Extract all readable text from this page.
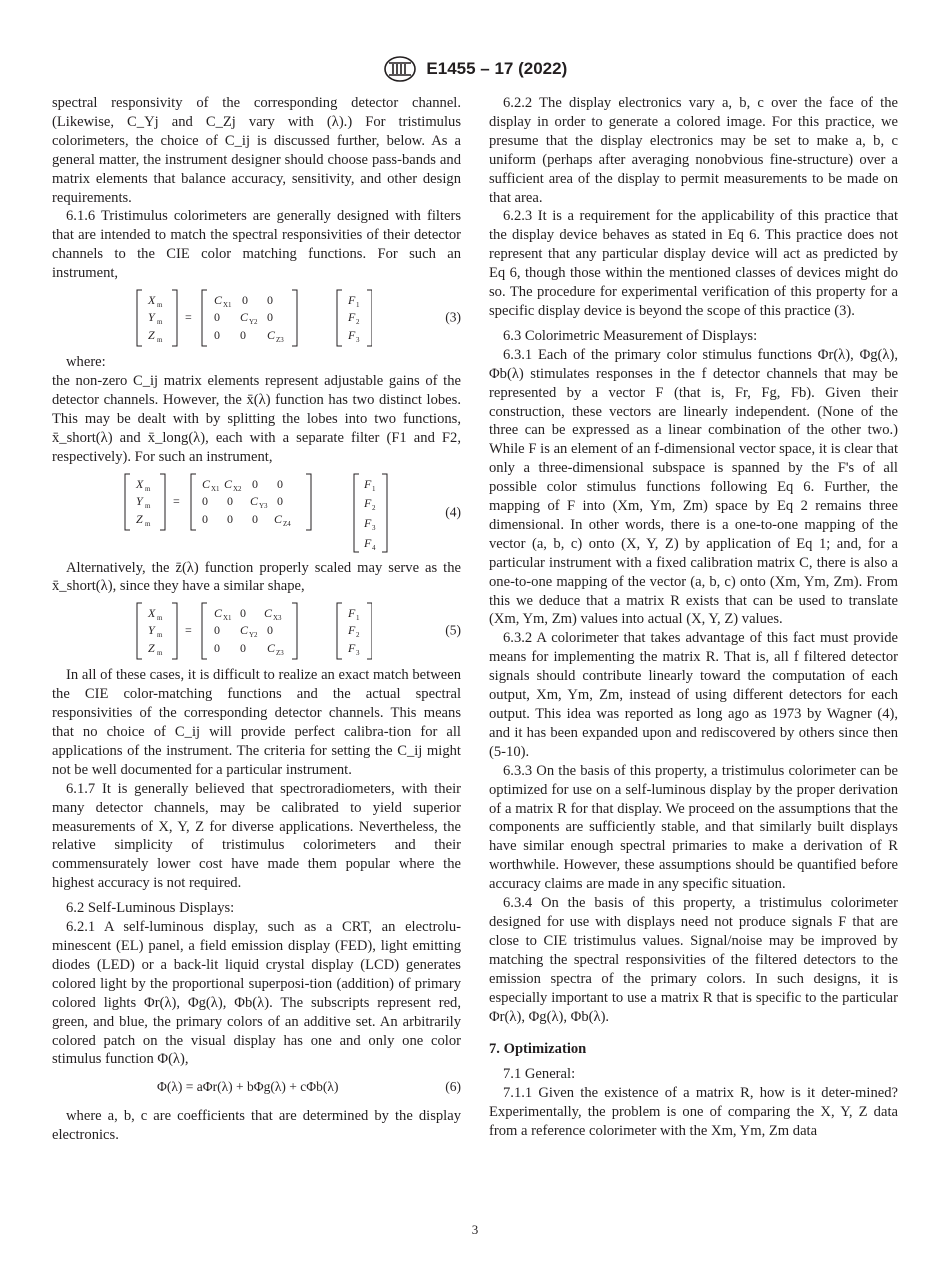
E1455 – 17 (2022)

spectral responsivity of the corresponding detector channel. (Likewise, C_Yj and C_Zj vary with (λ).) For tristimulus colorimeters, the choice of C_ij is discussed further, below. As a general matter, the instrument designer should choose pass-bands and matrix elements that balance accuracy, sensitivity, and other design requirements.

6.1.6 Tristimulus colorimeters are generally designed with filters that are intended to match the spectral responsivities of their detector channels to the CIE color matching functions. For such an instrument,

X m
Y m
Z m
=
C X1 0 0
0 C Y2 0
0 0 C Z3
F 1
F 2
F 3
(3)

where:

the non-zero C_ij matrix elements represent adjustable gains of the detector channels. However, the x̄(λ) function has two distinct lobes. This may be dealt with by splitting the lobes into two functions, x̄_short(λ) and x̄_long(λ), each with a separate filter (F1 and F2, respectively). For such an instrument,

X m
Y m
Z m
=
C X1 C X2 0 0
0 0 C Y3 0
0 0 0 C Z4
F 1
F 2
F 3
F 4
(4)

Alternatively, the z̄(λ) function properly scaled may serve as the x̄_short(λ), since they have a similar shape,

X m
Y m
Z m
=
C X1 0 C X3
0 C Y2 0
0 0 C Z3
F 1
F 2
F 3
(5)

In all of these cases, it is difficult to realize an exact match between the CIE color-matching functions and the actual spectral responsivities of the corresponding detector channels. This means that no choice of C_ij will provide perfect calibra-tion for all applications of the instrument. The criteria for setting the C_ij might not be well documented for a particular instrument.

6.1.7 It is generally believed that spectroradiometers, with their many detector channels, may be calibrated to yield superior measurements of X, Y, Z for diverse applications. Nevertheless, the relative simplicity of tristimulus colorimeters and their commensurately lower cost have made them popular where the highest accuracy is not required.

6.2 Self-Luminous Displays:

6.2.1 A self-luminous display, such as a CRT, an electrolu-minescent (EL) panel, a field emission display (FED), light emitting diodes (LED) or a back-lit liquid crystal display (LCD) generates colored light by the proportional superposi-tion (addition) of primary colored lights Φr(λ), Φg(λ), Φb(λ). The subscripts represent red, green, and blue, the primary colors of an additive set. An arbitrarily colored patch on the visual display has one and only one color stimulus function Φ(λ),

Φ(λ) = aΦr(λ) + bΦg(λ) + cΦb(λ)	(6)

where a, b, c are coefficients that are determined by the display electronics.

6.2.2 The display electronics vary a, b, c over the face of the display in order to generate a colored image. For this practice, we presume that the display electronics may be set to make a, b, c uniform (perhaps after averaging nonobvious fine-structure) over a sufficient area of the display to permit measurements to be made on that area.

6.2.3 It is a requirement for the applicability of this practice that the display device behaves as stated in Eq 6. This practice does not represent that any particular display device will act as predicted by Eq 6, though those within the mentioned classes of devices might do so. The procedure for experimental verification of this property for a specific display device is beyond the scope of this practice (3).

6.3 Colorimetric Measurement of Displays:

6.3.1 Each of the primary color stimulus functions Φr(λ), Φg(λ), Φb(λ) stimulates responses in the f detector channels that may be represented by a vector F (that is, Fr, Fg, Fb). Given their construction, these vectors are linearly independent. (None of the three can be expressed as a linear combination of the other two.) While F is an element of an f-dimensional vector space, it is clear that only a three-dimensional subspace is spanned by the F's of all possible color stimulus functions following Eq 6. Further, the mapping of F into (Xm, Ym, Zm) space by Eq 2 remains three dimensional. In other words, there is a one-to-one mapping of the vector (a, b, c) onto (X, Y, Z) by application of Eq 1; and, for a particular instrument with a fixed calibration matrix C, there is also a one-to-one mapping of the vector (a, b, c) onto (Xm, Ym, Zm). From this we deduce that a matrix R exists that can be used to translate (Xm, Ym, Zm) values into actual (X, Y, Z) values.

6.3.2 A colorimeter that takes advantage of this fact must provide means for implementing the matrix R. That is, all f filtered detector signals should contribute linearly toward the computation of each output, Xm, Ym, Zm, instead of using different detectors for each output. This idea was reported as long ago as 1973 by Wagner (4), and it has been expanded upon and rediscovered by others since then (5-10).

6.3.3 On the basis of this property, a tristimulus colorimeter can be optimized for use on a self-luminous display by the proper derivation of a matrix R for that display. We proceed on the assumptions that the components are sufficiently stable, and that similarly built displays have similar enough spectral primaries to make a derivation of R worthwhile. However, these assumptions should be quantified before accuracy claims are made in any specific situation.

6.3.4 On the basis of this property, a tristimulus colorimeter designed for use with displays need not produce signals F that are close to CIE tristimulus values. Signal/noise may be improved by matching the spectral responsivities of the filtered detectors to the emission spectra of the primary colors. In such designs, it is especially important to use a matrix R that is specific to the particular Φr(λ), Φg(λ), Φb(λ).

7. Optimization

7.1 General:

7.1.1 Given the existence of a matrix R, how is it deter-mined? Experimentally, the problem is one of comparing the X, Y, Z data from a reference colorimeter with the Xm, Ym, Zm data

3
